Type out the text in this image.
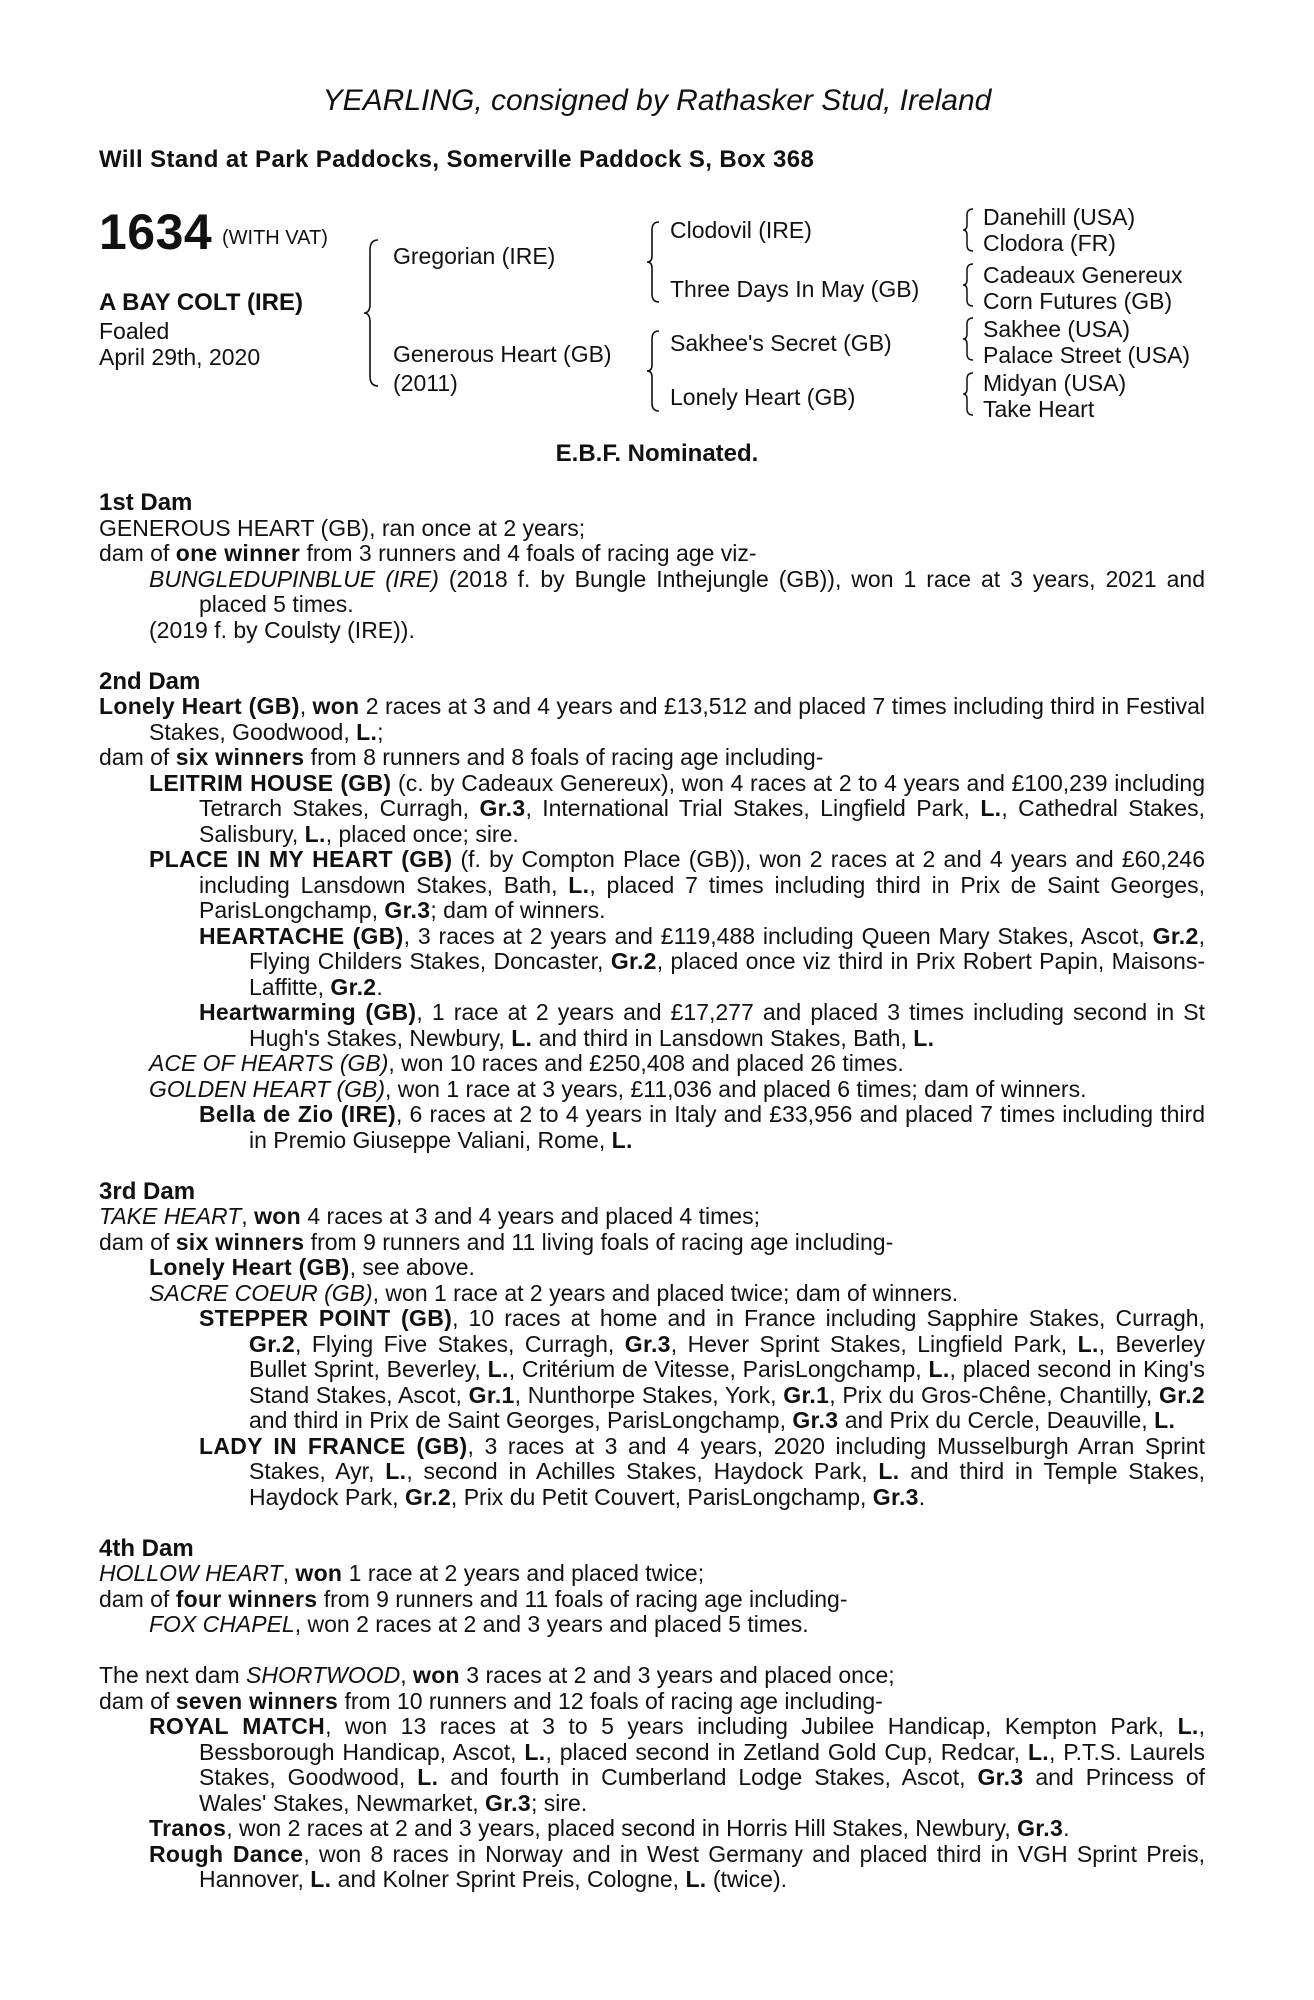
YEARLING, consigned by Rathasker Stud, Ireland
Will Stand at Park Paddocks, Somerville Paddock S, Box 368
1634 (WITH VAT)
A BAY COLT (IRE)
Foaled
April 29th, 2020
Gregorian (IRE)
Generous Heart (GB)
(2011)
Clodovil (IRE)
Three Days In May (GB)
Sakhee's Secret (GB)
Lonely Heart (GB)
Danehill (USA)
Clodora (FR)
Cadeaux Genereux
Corn Futures (GB)
Sakhee (USA)
Palace Street (USA)
Midyan (USA)
Take Heart
E.B.F. Nominated.
1st Dam
GENEROUS HEART (GB), ran once at 2 years;
dam of one winner from 3 runners and 4 foals of racing age viz-
BUNGLEDUPINBLUE (IRE) (2018 f. by Bungle Inthejungle (GB)), won 1 race at 3 years, 2021 and placed 5 times.
(2019 f. by Coulsty (IRE)).
2nd Dam
Lonely Heart (GB), won 2 races at 3 and 4 years and £13,512 and placed 7 times including third in Festival Stakes, Goodwood, L.;
dam of six winners from 8 runners and 8 foals of racing age including-
LEITRIM HOUSE (GB) (c. by Cadeaux Genereux), won 4 races at 2 to 4 years and £100,239 including Tetrarch Stakes, Curragh, Gr.3, International Trial Stakes, Lingfield Park, L., Cathedral Stakes, Salisbury, L., placed once; sire.
PLACE IN MY HEART (GB) (f. by Compton Place (GB)), won 2 races at 2 and 4 years and £60,246 including Lansdown Stakes, Bath, L., placed 7 times including third in Prix de Saint Georges, ParisLongchamp, Gr.3; dam of winners.
HEARTACHE (GB), 3 races at 2 years and £119,488 including Queen Mary Stakes, Ascot, Gr.2, Flying Childers Stakes, Doncaster, Gr.2, placed once viz third in Prix Robert Papin, Maisons-Laffitte, Gr.2.
Heartwarming (GB), 1 race at 2 years and £17,277 and placed 3 times including second in St Hugh's Stakes, Newbury, L. and third in Lansdown Stakes, Bath, L.
ACE OF HEARTS (GB), won 10 races and £250,408 and placed 26 times.
GOLDEN HEART (GB), won 1 race at 3 years, £11,036 and placed 6 times; dam of winners.
Bella de Zio (IRE), 6 races at 2 to 4 years in Italy and £33,956 and placed 7 times including third in Premio Giuseppe Valiani, Rome, L.
3rd Dam
TAKE HEART, won 4 races at 3 and 4 years and placed 4 times;
dam of six winners from 9 runners and 11 living foals of racing age including-
Lonely Heart (GB), see above.
SACRE COEUR (GB), won 1 race at 2 years and placed twice; dam of winners.
STEPPER POINT (GB), 10 races at home and in France including Sapphire Stakes, Curragh, Gr.2, Flying Five Stakes, Curragh, Gr.3, Hever Sprint Stakes, Lingfield Park, L., Beverley Bullet Sprint, Beverley, L., Critérium de Vitesse, ParisLongchamp, L., placed second in King's Stand Stakes, Ascot, Gr.1, Nunthorpe Stakes, York, Gr.1, Prix du Gros-Chêne, Chantilly, Gr.2 and third in Prix de Saint Georges, ParisLongchamp, Gr.3 and Prix du Cercle, Deauville, L.
LADY IN FRANCE (GB), 3 races at 3 and 4 years, 2020 including Musselburgh Arran Sprint Stakes, Ayr, L., second in Achilles Stakes, Haydock Park, L. and third in Temple Stakes, Haydock Park, Gr.2, Prix du Petit Couvert, ParisLongchamp, Gr.3.
4th Dam
HOLLOW HEART, won 1 race at 2 years and placed twice;
dam of four winners from 9 runners and 11 foals of racing age including-
FOX CHAPEL, won 2 races at 2 and 3 years and placed 5 times.
The next dam SHORTWOOD, won 3 races at 2 and 3 years and placed once;
dam of seven winners from 10 runners and 12 foals of racing age including-
ROYAL MATCH, won 13 races at 3 to 5 years including Jubilee Handicap, Kempton Park, L., Bessborough Handicap, Ascot, L., placed second in Zetland Gold Cup, Redcar, L., P.T.S. Laurels Stakes, Goodwood, L. and fourth in Cumberland Lodge Stakes, Ascot, Gr.3 and Princess of Wales' Stakes, Newmarket, Gr.3; sire.
Tranos, won 2 races at 2 and 3 years, placed second in Horris Hill Stakes, Newbury, Gr.3.
Rough Dance, won 8 races in Norway and in West Germany and placed third in VGH Sprint Preis, Hannover, L. and Kolner Sprint Preis, Cologne, L. (twice).
